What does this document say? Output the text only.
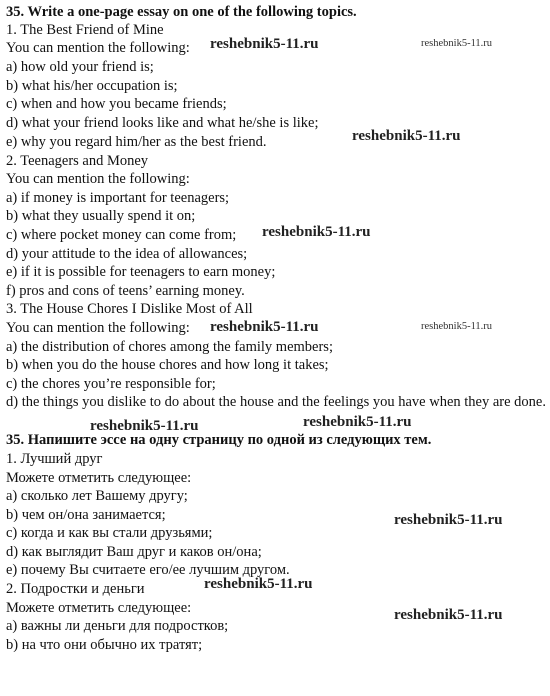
35. Write a one-page essay on one of the following topics.
1. The Best Friend of Mine
You can mention the following:
a) how old your friend is;
b) what his/her occupation is;
c) when and how you became friends;
d) what your friend looks like and what he/she is like;
e) why you regard him/her as the best friend.
2. Teenagers and Money
You can mention the following:
a) if money is important for teenagers;
b) what they usually spend it on;
c) where pocket money can come from;
d) your attitude to the idea of allowances;
e) if it is possible for teenagers to earn money;
f) pros and cons of teens’ earning money.
3. The House Chores I Dislike Most of All
You can mention the following:
a) the distribution of chores among the family members;
b) when you do the house chores and how long it takes;
c) the chores you’re responsible for;
d) the things you dislike to do about the house and the feelings you have when they are done.
35. Напишите эссе на одну страницу по одной из следующих тем.
1. Лучший друг
Можете отметить следующее:
a) сколько лет Вашему другу;
b) чем он/она занимается;
c) когда и как вы стали друзьями;
d) как выглядит Ваш друг и каков он/она;
e) почему Вы считаете его/ее лучшим другом.
2. Подростки и деньги
Можете отметить следующее:
a) важны ли деньги для подростков;
b) на что они обычно их тратят;
reshebnik5-11.ru	reshebnik5-11.ru
reshebnik5-11.ru
reshebnik5-11.ru
reshebnik5-11.ru	reshebnik5-11.ru
reshebnik5-11.ru	reshebnik5-11.ru
reshebnik5-11.ru
reshebnik5-11.ru
reshebnik5-11.ru
